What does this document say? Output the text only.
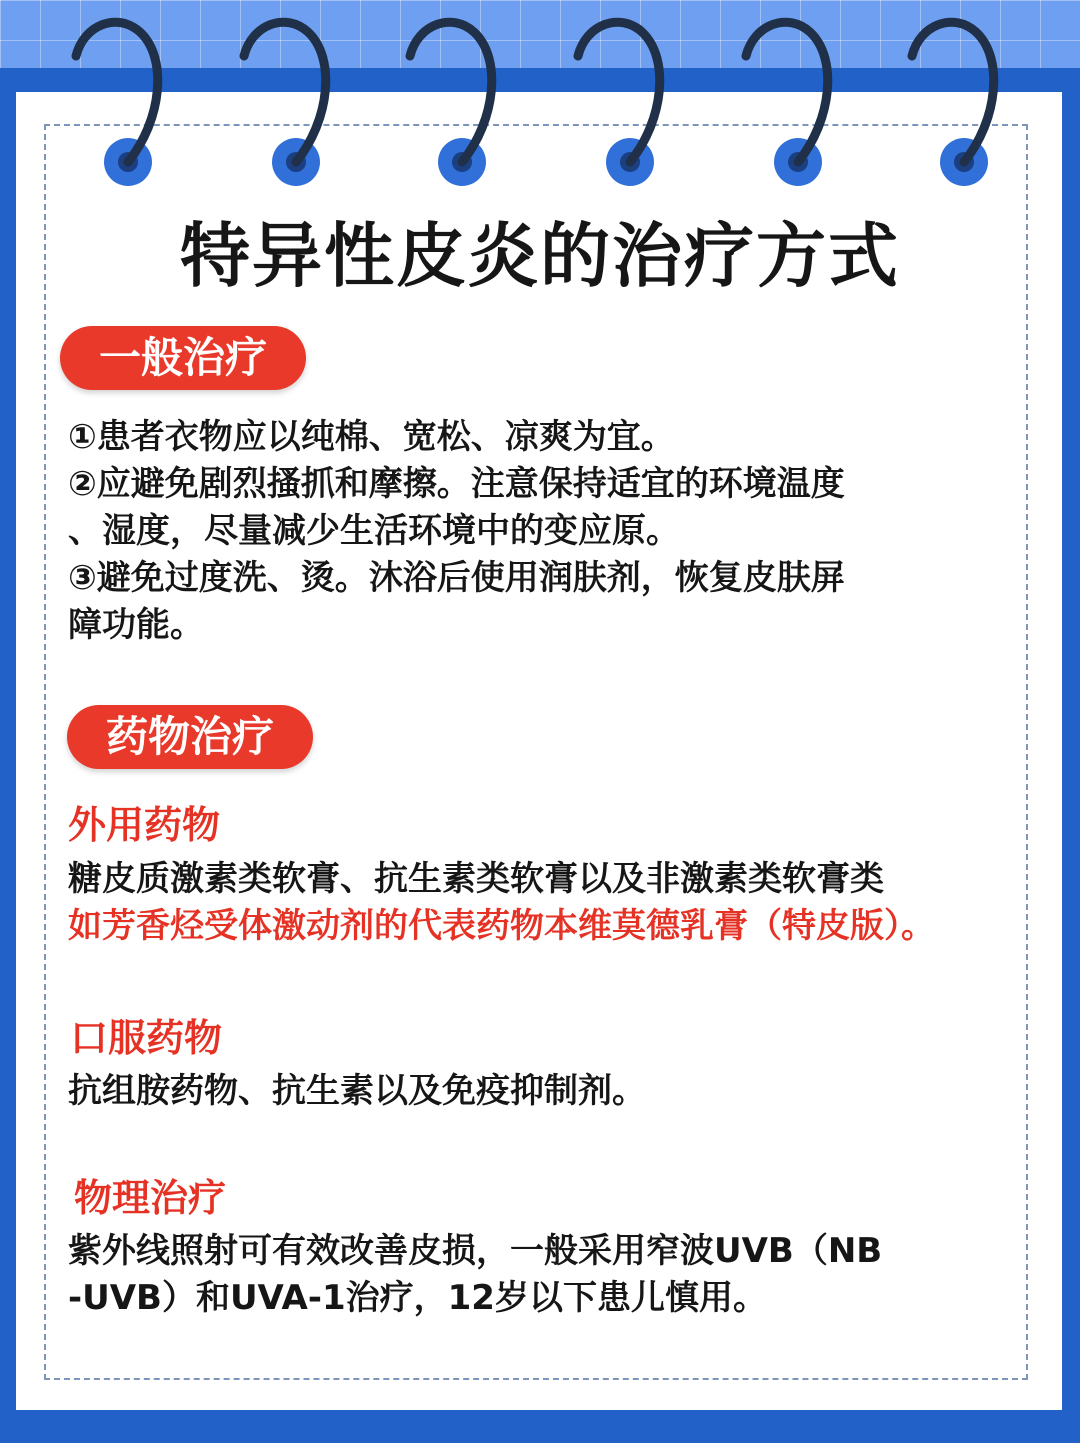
特异性皮炎的治疗方式
一般治疗
①患者衣物应以纯棉、宽松、凉爽为宜。
②应避免剧烈搔抓和摩擦。注意保持适宜的环境温度
、湿度，尽量减少生活环境中的变应原。
③避免过度洗、烫。沐浴后使用润肤剂，恢复皮肤屏
障功能。
药物治疗
外用药物
糖皮质激素类软膏、抗生素类软膏以及非激素类软膏类
如芳香烃受体激动剂的代表药物本维莫德乳膏（特皮版）。
口服药物
抗组胺药物、抗生素以及免疫抑制剂。
物理治疗
紫外线照射可有效改善皮损，一般采用窄波UVB（NB
-UVB）和UVA-1治疗，12岁以下患儿慎用。
